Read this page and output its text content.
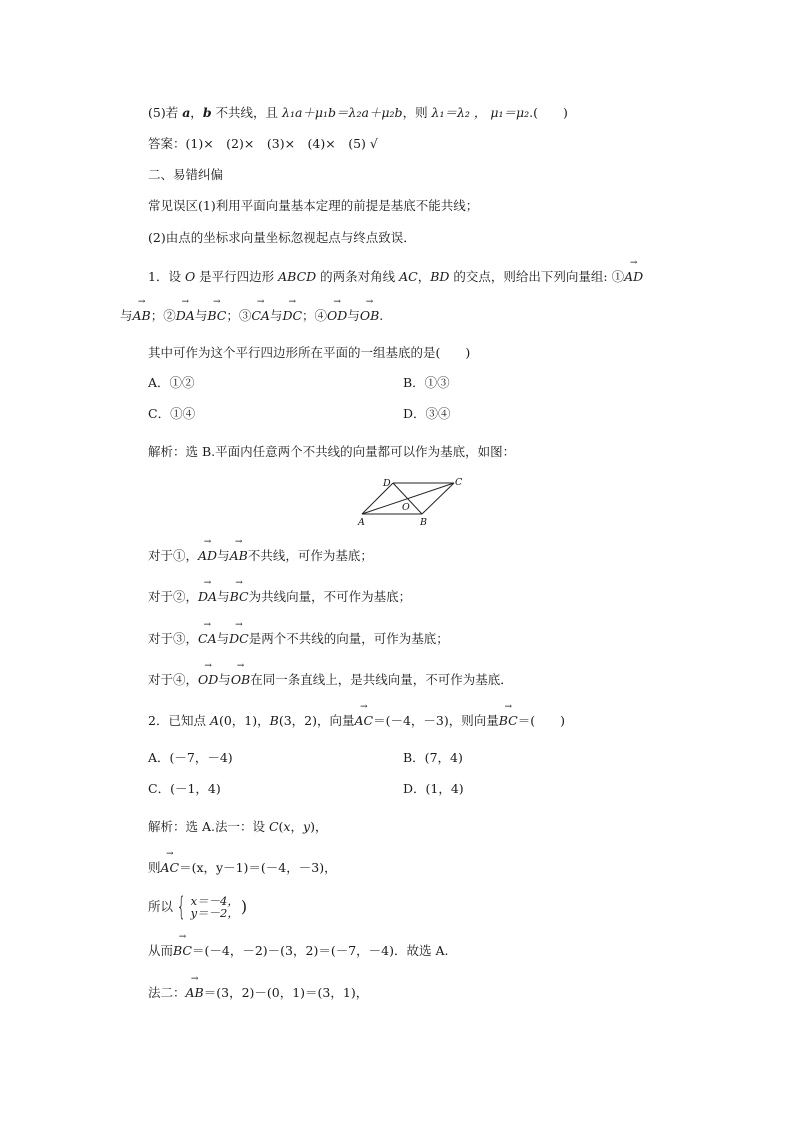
(5)若 a，b 不共线，且 λ₁a＋μ₁b＝λ₂a＋μ₂b，则 λ₁＝λ₂ ， μ₁＝μ₂.(　　)
答案：(1)×　(2)×　(3)×　(4)×　(5) √
二、易错纠偏
常见误区(1)利用平面向量基本定理的前提是基底不能共线；
(2)由点的坐标求向量坐标忽视起点与终点致误．
1．设 O 是平行四边形 ABCD 的两条对角线 AC，BD 的交点，则给出下列向量组: ①→ AD
与→ AB；②→ DA与→ BC；③→ CA与→ DC；④→ OD与→ OB.
其中可作为这个平行四边形所在平面的一组基底的是(　　)
A．①②	B．①③
C．①④	D．③④
解析：选 B.平面内任意两个不共线的向量都可以作为基底，如图：
A	B
C
D
O
对于①，→ AD与→ AB不共线，可作为基底；
对于②，→ DA与→ BC为共线向量，不可作为基底；
对于③，→ CA与→ DC是两个不共线的向量，可作为基底；
对于④，→ OD与→ OB在同一条直线上，是共线向量，不可作为基底．
2．已知点 A(0，1)，B(3，2)，向量→ AC＝(－4，－3)，则向量→ BC＝(　　)
A．(－7，－4)	B．(7，4)
C．(－1，4)	D．(1，4)
解析：选 A.法一：设 C(x，y)，
则→ AC＝(x，y－1)＝(－4，－3)，
所以 { x＝－4，
y＝－2， )
从而→ BC＝(－4，－2)－(3，2)＝(－7，－4)．故选 A.
法二：→ AB＝(3，2)－(0，1)＝(3，1)，
